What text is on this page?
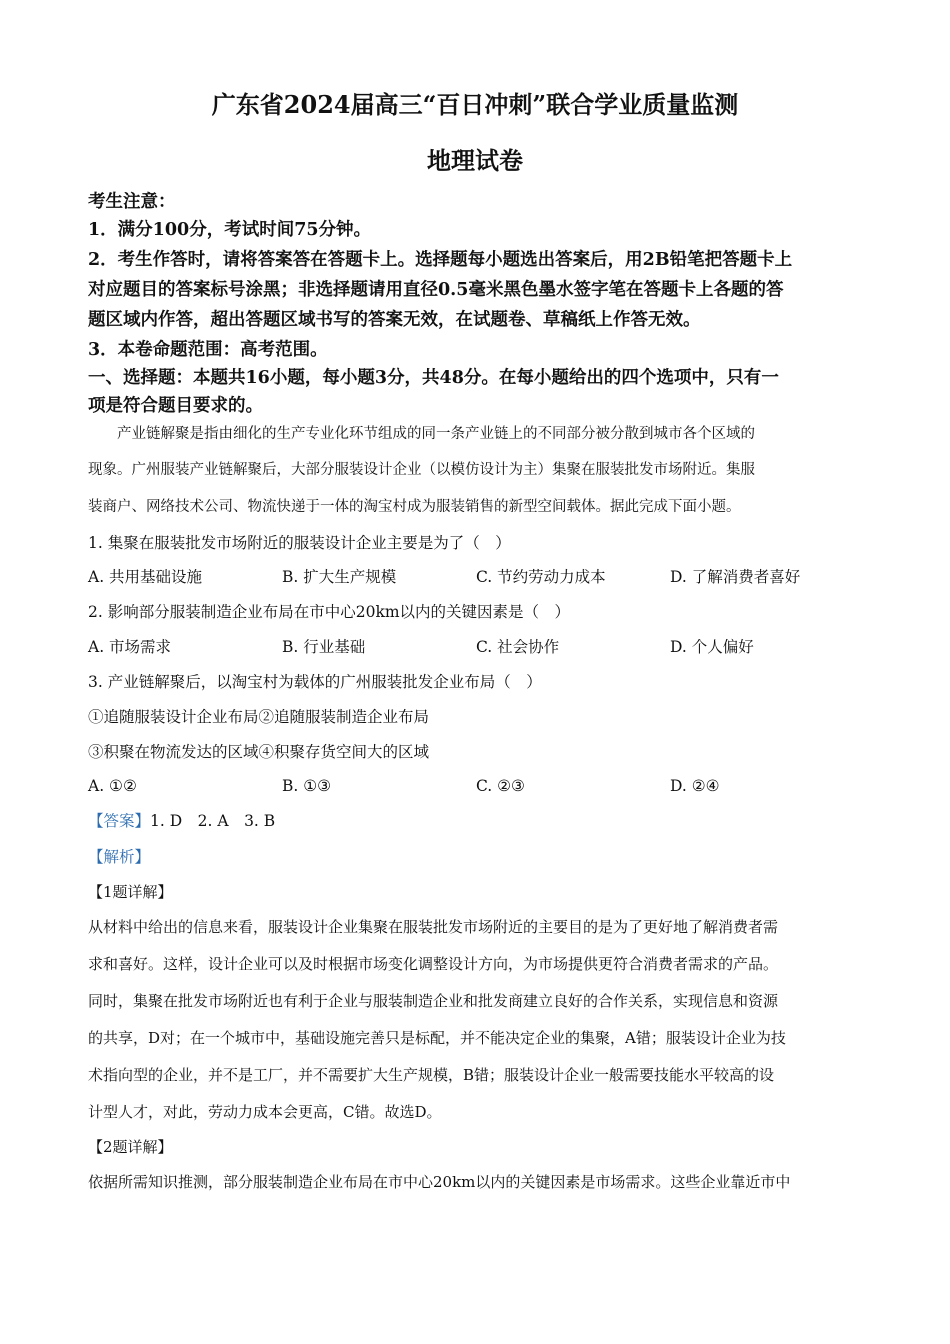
广东省2024届高三“百日冲刺”联合学业质量监测
地理试卷
考生注意：
1．满分100分，考试时间75分钟。
2．考生作答时，请将答案答在答题卡上。选择题每小题选出答案后，用2B铅笔把答题卡上
对应题目的答案标号涂黑；非选择题请用直径0.5毫米黑色墨水签字笔在答题卡上各题的答
题区域内作答，超出答题区域书写的答案无效，在试题卷、草稿纸上作答无效。
3．本卷命题范围：高考范围。
一、选择题：本题共16小题，每小题3分，共48分。在每小题给出的四个选项中，只有一
项是符合题目要求的。
　　产业链解聚是指由细化的生产专业化环节组成的同一条产业链上的不同部分被分散到城市各个区域的
现象。广州服装产业链解聚后，大部分服装设计企业（以模仿设计为主）集聚在服装批发市场附近。集服
装商户、网络技术公司、物流快递于一体的淘宝村成为服装销售的新型空间载体。据此完成下面小题。
1. 集聚在服装批发市场附近的服装设计企业主要是为了（　）
A. 共用基础设施	B. 扩大生产规模	C. 节约劳动力成本	D. 了解消费者喜好
2. 影响部分服装制造企业布局在市中心20km以内的关键因素是（　）
A. 市场需求	B. 行业基础	C. 社会协作	D. 个人偏好
3. 产业链解聚后，以淘宝村为载体的广州服装批发企业布局（　）
①追随服装设计企业布局②追随服装制造企业布局
③积聚在物流发达的区域④积聚存货空间大的区域
A. ①②	B. ①③	C. ②③	D. ②④
【答案】1. D　2. A　3. B
【解析】
【1题详解】
从材料中给出的信息来看，服装设计企业集聚在服装批发市场附近的主要目的是为了更好地了解消费者需
求和喜好。这样，设计企业可以及时根据市场变化调整设计方向，为市场提供更符合消费者需求的产品。
同时，集聚在批发市场附近也有利于企业与服装制造企业和批发商建立良好的合作关系，实现信息和资源
的共享，D对；在一个城市中，基础设施完善只是标配，并不能决定企业的集聚，A错；服装设计企业为技
术指向型的企业，并不是工厂，并不需要扩大生产规模，B错；服装设计企业一般需要技能水平较高的设
计型人才，对此，劳动力成本会更高，C错。故选D。
【2题详解】
依据所需知识推测，部分服装制造企业布局在市中心20km以内的关键因素是市场需求。这些企业靠近市中
